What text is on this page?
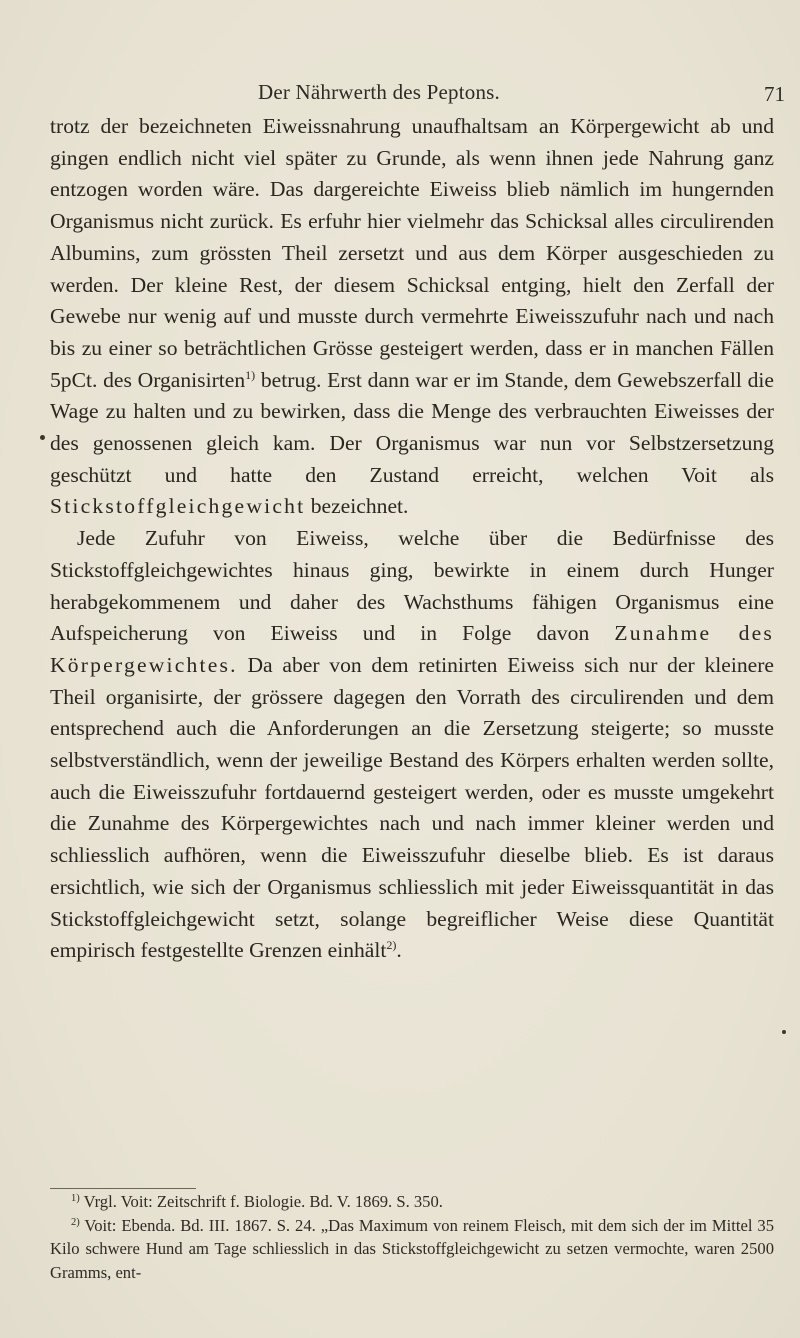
Der Nährwerth des Peptons.	71

trotz der bezeichneten Eiweissnahrung unaufhaltsam an Körpergewicht ab und gingen endlich nicht viel später zu Grunde, als wenn ihnen jede Nahrung ganz entzogen worden wäre. Das dargereichte Eiweiss blieb nämlich im hungernden Organismus nicht zurück. Es erfuhr hier vielmehr das Schicksal alles circulirenden Albumins, zum grössten Theil zersetzt und aus dem Körper ausgeschieden zu werden. Der kleine Rest, der diesem Schicksal entging, hielt den Zerfall der Gewebe nur wenig auf und musste durch vermehrte Eiweisszufuhr nach und nach bis zu einer so beträchtlichen Grösse gesteigert werden, dass er in manchen Fällen 5pCt. des Organisirten$^{1)}$ betrug. Erst dann war er im Stande, dem Gewebszerfall die Wage zu halten und zu bewirken, dass die Menge des verbrauchten Eiweisses der des genossenen gleich kam. Der Organismus war nun vor Selbstzersetzung geschützt und hatte den Zustand erreicht, welchen Voit als Stickstoffgleichgewicht bezeichnet.

Jede Zufuhr von Eiweiss, welche über die Bedürfnisse des Stickstoffgleichgewichtes hinaus ging, bewirkte in einem durch Hunger herabgekommenem und daher des Wachsthums fähigen Organismus eine Aufspeicherung von Eiweiss und in Folge davon Zunahme des Körpergewichtes. Da aber von dem retinirten Eiweiss sich nur der kleinere Theil organisirte, der grössere dagegen den Vorrath des circulirenden und dem entsprechend auch die Anforderungen an die Zersetzung steigerte; so musste selbstverständlich, wenn der jeweilige Bestand des Körpers erhalten werden sollte, auch die Eiweisszufuhr fortdauernd gesteigert werden, oder es musste umgekehrt die Zunahme des Körpergewichtes nach und nach immer kleiner werden und schliesslich aufhören, wenn die Eiweisszufuhr dieselbe blieb. Es ist daraus ersichtlich, wie sich der Organismus schliesslich mit jeder Eiweissquantität in das Stickstoffgleichgewicht setzt, solange begreiflicher Weise diese Quantität empirisch festgestellte Grenzen einhält$^{2)}$.

$^{1)}$ Vrgl. Voit: Zeitschrift f. Biologie. Bd. V. 1869. S. 350.

$^{2)}$ Voit: Ebenda. Bd. III. 1867. S. 24. „Das Maximum von reinem Fleisch, mit dem sich der im Mittel 35 Kilo schwere Hund am Tage schliesslich in das Stickstoffgleichgewicht zu setzen vermochte, waren 2500 Gramms, ent-
